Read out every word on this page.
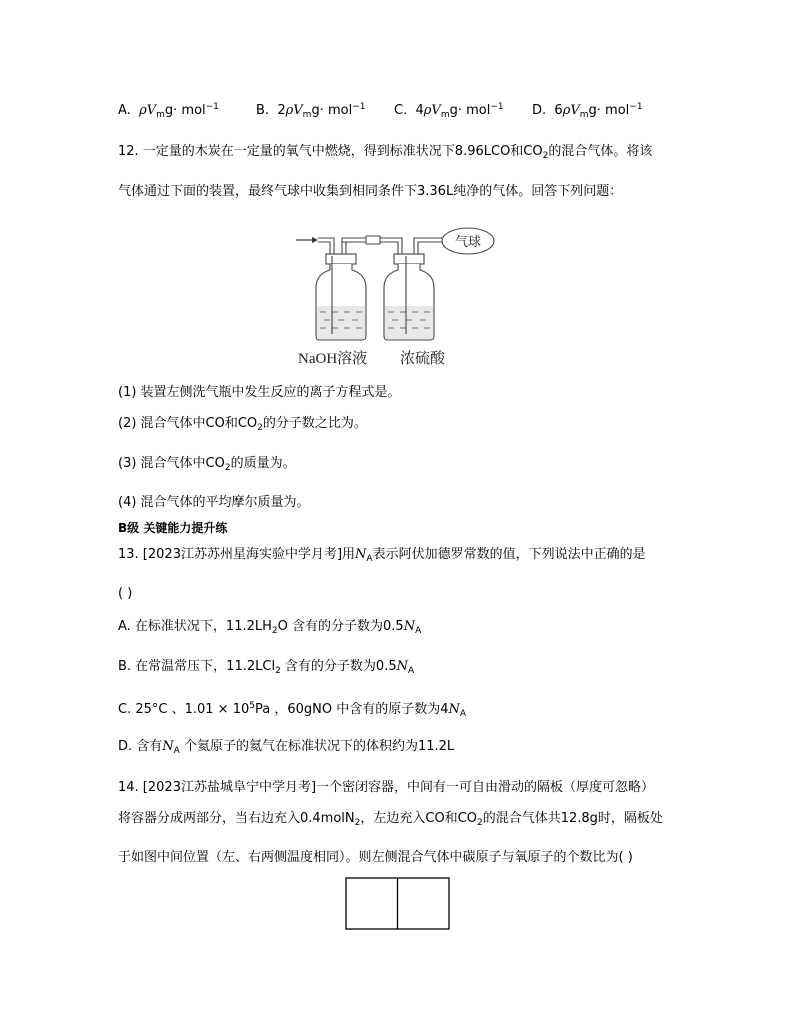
A. $\rho V_mg\cdot mol^{-1}$	B. $2\rho V_mg\cdot mol^{-1}$ C. $4\rho V_mg\cdot mol^{-1}$ D. $6\rho V_mg\cdot mol^{-1}$
12. 一定量的木炭在一定量的氧气中燃烧，得到标准状况下8.96LCO和$CO_2$的混合气体。将该
气体通过下面的装置，最终气球中收集到相同条件下3.36L纯净的气体。回答下列问题：
气球
NaOH溶液 浓硫酸
(1) 装置左侧洗气瓶中发生反应的离子方程式是。
(2) 混合气体中CO和$CO_2$的分子数之比为。
(3) 混合气体中$CO_2$的质量为。
(4) 混合气体的平均摩尔质量为。
B级 关键能力提升练
13. [2023江苏苏州星海实验中学月考]用$N_A$表示阿伏加德罗常数的值，下列说法中正确的是
( )
A. 在标准状况下，$11.2LH_2O$ 含有的分子数为$0.5N_A$
B. 在常温常压下，11.2LCl$_2$ 含有的分子数为$0.5N_A$
C. 25°C 、$1.01 \times 10^5Pa$ ，60gNO 中含有的原子数为$4N_A$
D. 含有$N_A$ 个氦原子的氦气在标准状况下的体积约为11.2L
14. [2023江苏盐城阜宁中学月考]一个密闭容器，中间有一可自由滑动的隔板（厚度可忽略）
将容器分成两部分，当右边充入0.4molN$_2$，左边充入CO和$CO_2$的混合气体共12.8g时，隔板处
于如图中间位置（左、右两侧温度相同）。则左侧混合气体中碳原子与氧原子的个数比为( )
